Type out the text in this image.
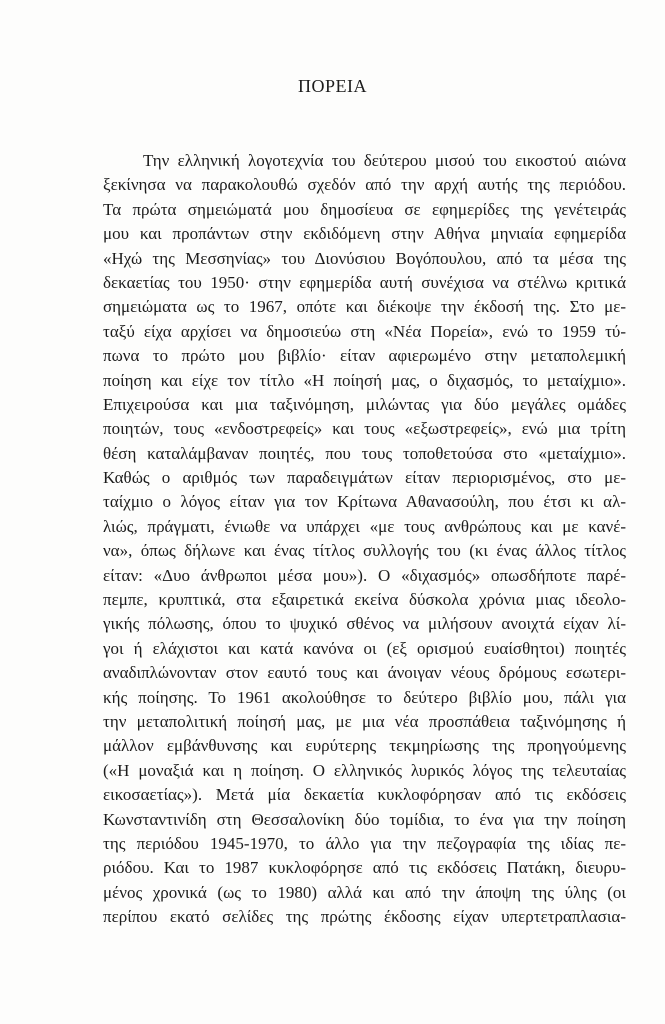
ΠΟΡΕΙΑ
Την ελληνική λογοτεχνία του δεύτερου μισού του εικοστού αιώνα
ξεκίνησα να παρακολουθώ σχεδόν από την αρχή αυτής της περιόδου.
Τα πρώτα σημειώματά μου δημοσίευα σε εφημερίδες της γενέτειράς
μου και προπάντων στην εκδιδόμενη στην Αθήνα μηνιαία εφημερίδα
«Ηχώ της Μεσσηνίας» του Διονύσιου Βογόπουλου, από τα μέσα της
δεκαετίας του 1950· στην εφημερίδα αυτή συνέχισα να στέλνω κριτικά
σημειώματα ως το 1967, οπότε και διέκοψε την έκδοσή της. Στο με-
ταξύ είχα αρχίσει να δημοσιεύω στη «Νέα Πορεία», ενώ το 1959 τύ-
πωνα το πρώτο μου βιβλίο· είταν αφιερωμένο στην μεταπολεμική
ποίηση και είχε τον τίτλο «Η ποίησή μας, ο διχασμός, το μεταίχμιο».
Επιχειρούσα και μια ταξινόμηση, μιλώντας για δύο μεγάλες ομάδες
ποιητών, τους «ενδοστρεφείς» και τους «εξωστρεφείς», ενώ μια τρίτη
θέση καταλάμβαναν ποιητές, που τους τοποθετούσα στο «μεταίχμιο».
Καθώς ο αριθμός των παραδειγμάτων είταν περιορισμένος, στο με-
ταίχμιο ο λόγος είταν για τον Κρίτωνα Αθανασούλη, που έτσι κι αλ-
λιώς, πράγματι, ένιωθε να υπάρχει «με τους ανθρώπους και με κανέ-
να», όπως δήλωνε και ένας τίτλος συλλογής του (κι ένας άλλος τίτλος
είταν: «Δυο άνθρωποι μέσα μου»). Ο «διχασμός» οπωσδήποτε παρέ-
πεμπε, κρυπτικά, στα εξαιρετικά εκείνα δύσκολα χρόνια μιας ιδεολο-
γικής πόλωσης, όπου το ψυχικό σθένος να μιλήσουν ανοιχτά είχαν λί-
γοι ή ελάχιστοι και κατά κανόνα οι (εξ ορισμού ευαίσθητοι) ποιητές
αναδιπλώνονταν στον εαυτό τους και άνοιγαν νέους δρόμους εσωτερι-
κής ποίησης. Το 1961 ακολούθησε το δεύτερο βιβλίο μου, πάλι για
την μεταπολιτική ποίησή μας, με μια νέα προσπάθεια ταξινόμησης ή
μάλλον εμβάνθυνσης και ευρύτερης τεκμηρίωσης της προηγούμενης
(«Η μοναξιά και η ποίηση. Ο ελληνικός λυρικός λόγος της τελευταίας
εικοσαετίας»). Μετά μία δεκαετία κυκλοφόρησαν από τις εκδόσεις
Κωνσταντινίδη στη Θεσσαλονίκη δύο τομίδια, το ένα για την ποίηση
της περιόδου 1945-1970, το άλλο για την πεζογραφία της ιδίας πε-
ριόδου. Και το 1987 κυκλοφόρησε από τις εκδόσεις Πατάκη, διευρυ-
μένος χρονικά (ως το 1980) αλλά και από την άποψη της ύλης (οι
περίπου εκατό σελίδες της πρώτης έκδοσης είχαν υπερτετραπλασια-
